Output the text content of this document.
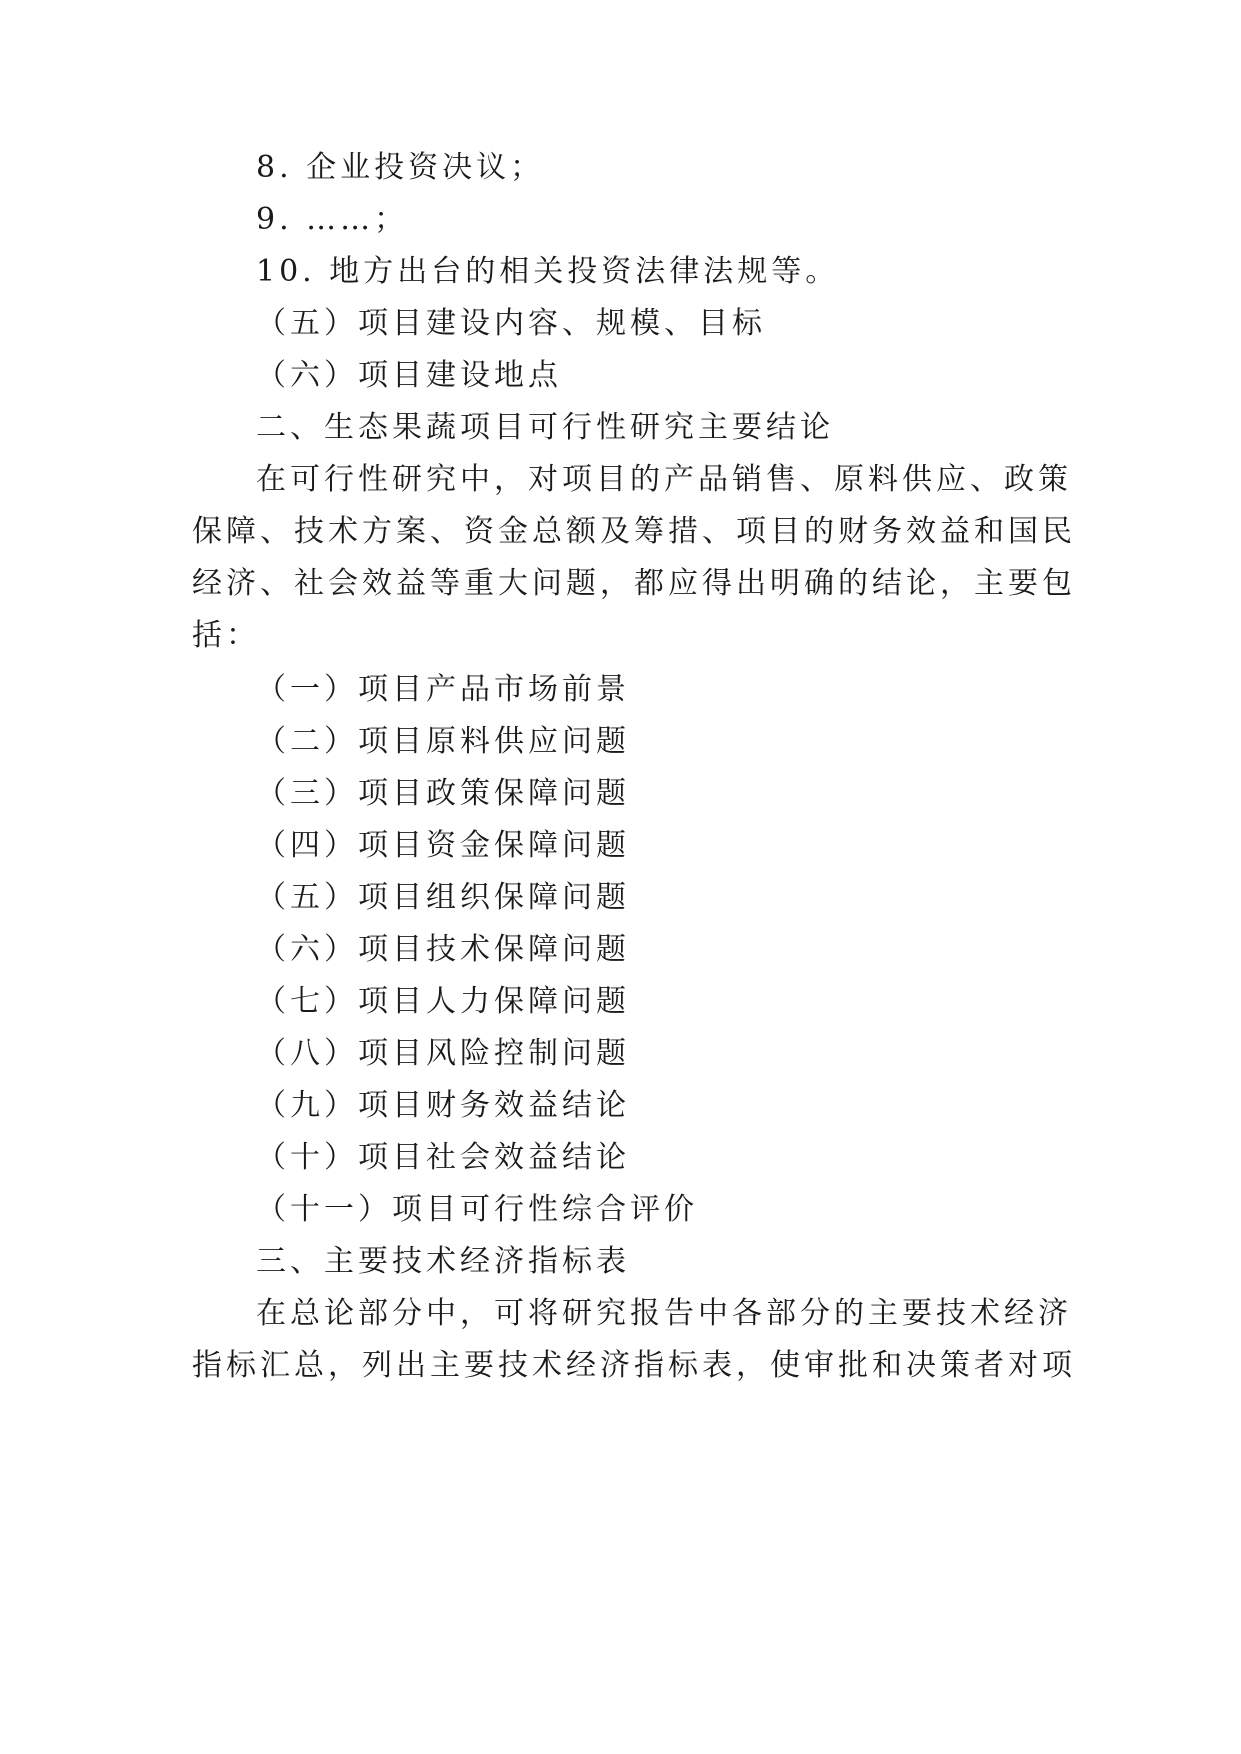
8. 企业投资决议；
9. ……；
10. 地方出台的相关投资法律法规等。
（五）项目建设内容、规模、目标
（六）项目建设地点
二、生态果蔬项目可行性研究主要结论
在可行性研究中，对项目的产品销售、原料供应、政策
保障、技术方案、资金总额及筹措、项目的财务效益和国民
经济、社会效益等重大问题，都应得出明确的结论，主要包
括：
（一）项目产品市场前景
（二）项目原料供应问题
（三）项目政策保障问题
（四）项目资金保障问题
（五）项目组织保障问题
（六）项目技术保障问题
（七）项目人力保障问题
（八）项目风险控制问题
（九）项目财务效益结论
（十）项目社会效益结论
（十一）项目可行性综合评价
三、主要技术经济指标表
在总论部分中，可将研究报告中各部分的主要技术经济
指标汇总，列出主要技术经济指标表，使审批和决策者对项
